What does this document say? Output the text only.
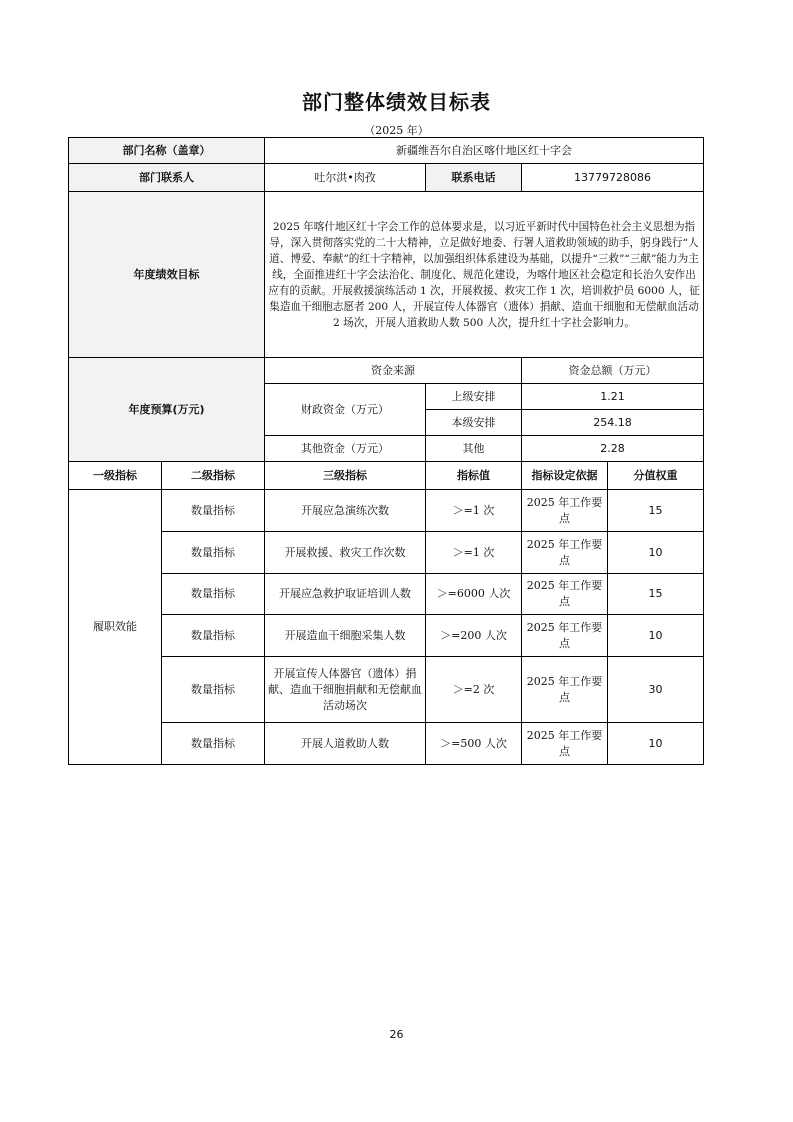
部门整体绩效目标表
（2025 年）
部门名称（盖章）		新疆维吾尔自治区喀什地区红十字会			
部门联系人		吐尔洪•肉孜	联系电话	13779728086	
年度绩效目标		2025 年喀什地区红十字会工作的总体要求是，以习近平新时代中国特色社会主义思想为指导，深入贯彻落实党的二十大精神，立足做好地委、行署人道救助领域的助手，躬身践行“人道、博爱、奉献”的红十字精神，以加强组织体系建设为基础，以提升“三救”“三献”能力为主线，全面推进红十字会法治化、制度化、规范化建设，为喀什地区社会稳定和长治久安作出应有的贡献。开展救援演练活动 1 次，开展救援、救灾工作 1 次，培训救护员 6000 人，征集造血干细胞志愿者 200 人，开展宣传人体器官（遗体）捐献、造血干细胞和无偿献血活动 2 场次，开展人道救助人数 500 人次，提升红十字社会影响力。			
年度预算(万元)		资金来源		资金总额（万元）	
		财政资金（万元）	上级安排	1.21	
			本级安排	254.18	
		其他资金（万元）	其他	2.28	
一级指标	二级指标	三级指标	指标值	指标设定依据	分值权重
履职效能	数量指标	开展应急演练次数	＞=1 次	2025 年工作要点	15
	数量指标	开展救援、救灾工作次数	＞=1 次	2025 年工作要点	10
	数量指标	开展应急救护取证培训人数	＞=6000 人次	2025 年工作要点	15
	数量指标	开展造血干细胞采集人数	＞=200 人次	2025 年工作要点	10
	数量指标	开展宣传人体器官（遗体）捐献、造血干细胞捐献和无偿献血活动场次	＞=2 次	2025 年工作要点	30
	数量指标	开展人道救助人数	＞=500 人次	2025 年工作要点	10
26
